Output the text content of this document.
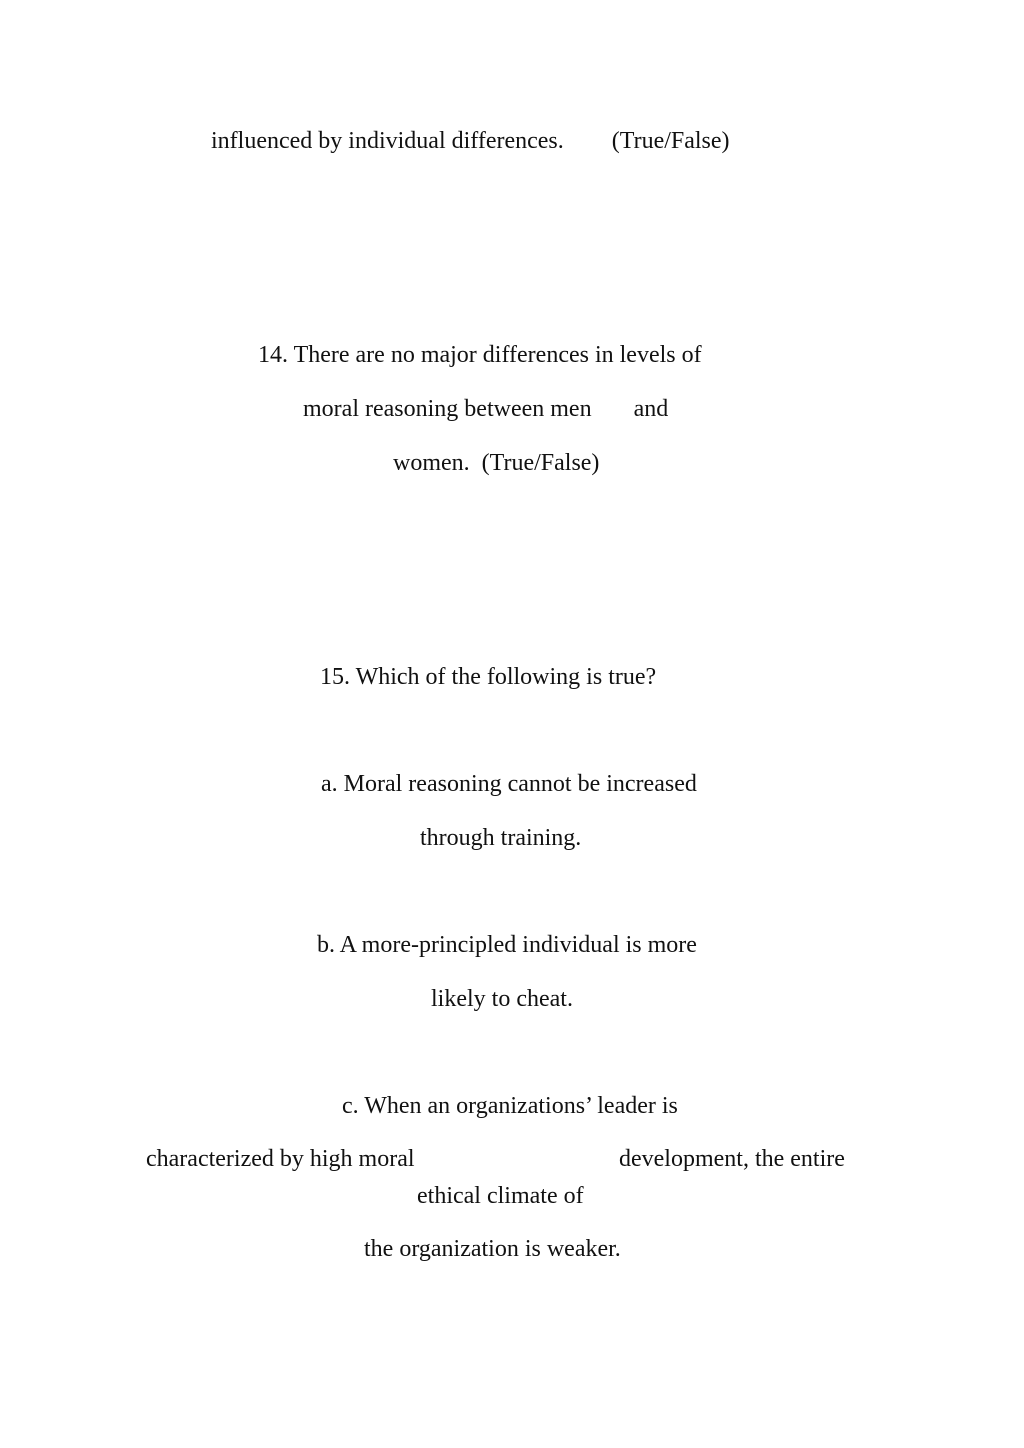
influenced by individual differences.        (True/False)

14. There are no major differences in levels of

moral reasoning between men       and

women.  (True/False)

15. Which of the following is true?

a. Moral reasoning cannot be increased

through training.

b. A more-principled individual is more

likely to cheat.

c. When an organizations’ leader is

characterized by high moral	development, the entire

ethical climate of

the organization is weaker.
